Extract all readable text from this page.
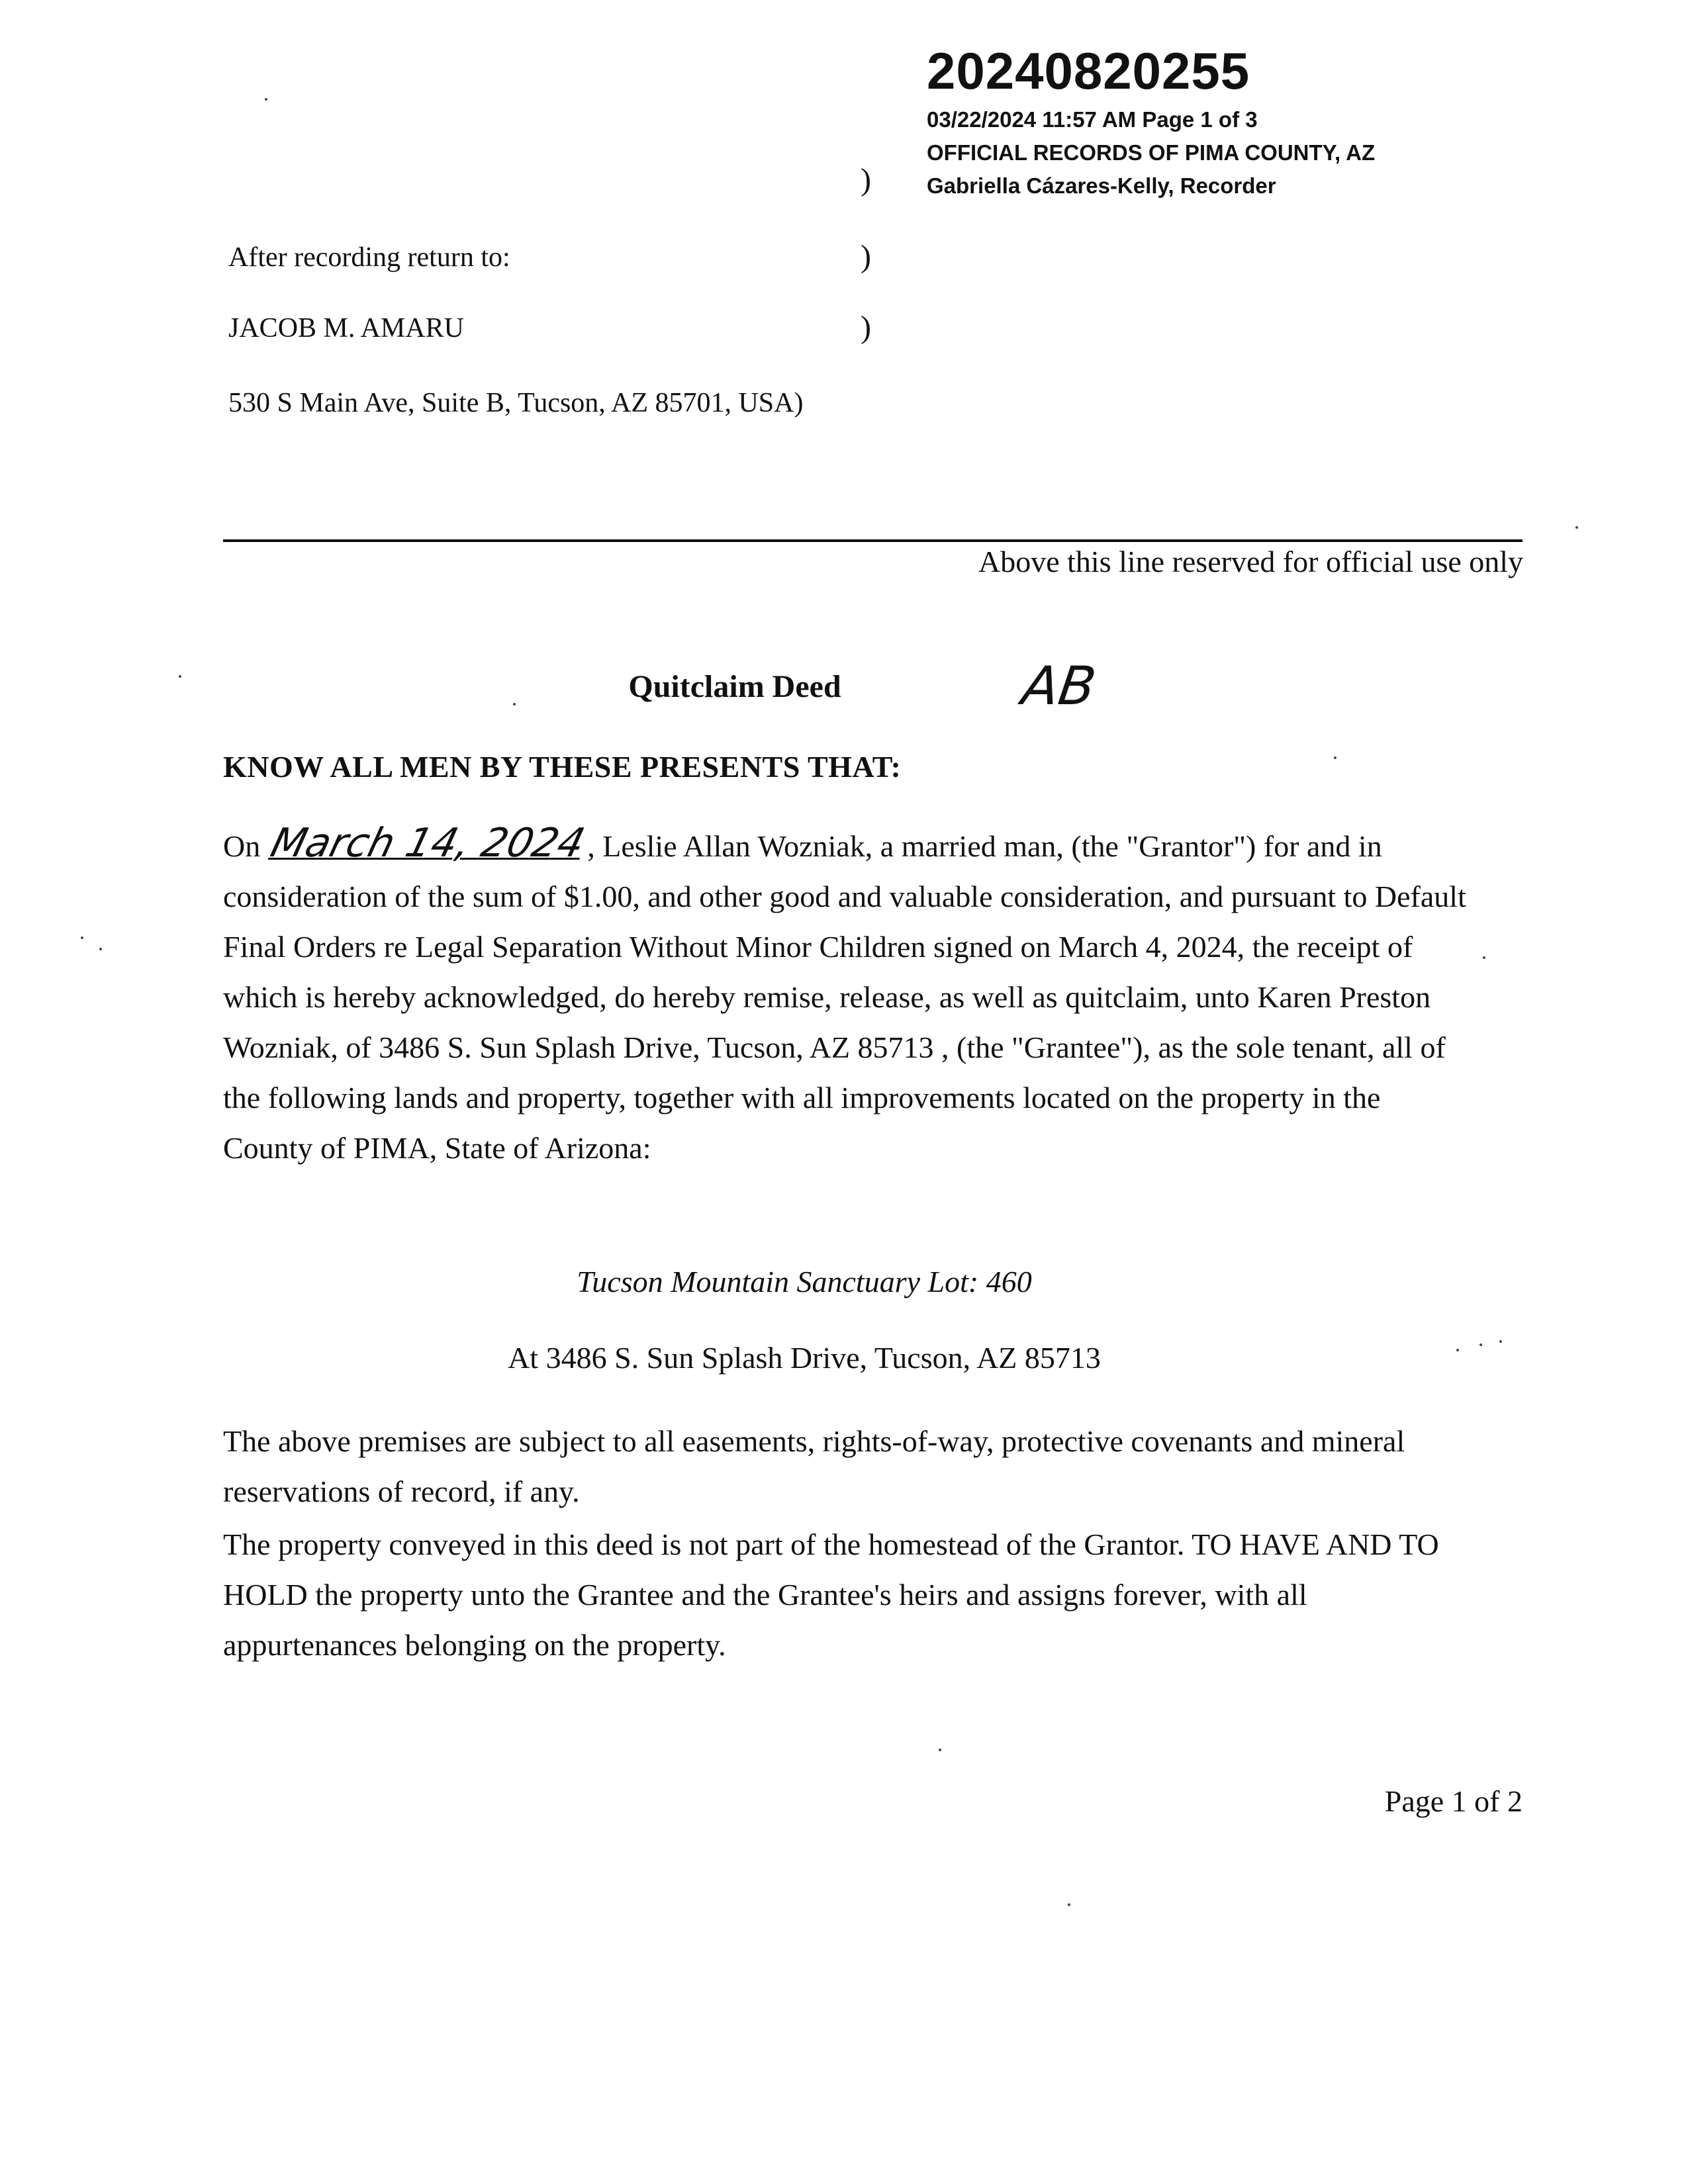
20240820255
03/22/2024 11:57 AM Page 1 of 3
OFFICIAL RECORDS OF PIMA COUNTY, AZ
Gabriella Cázares-Kelly, Recorder
)
After recording return to:	)
JACOB M. AMARU	)
530 S Main Ave, Suite B, Tucson, AZ 85701, USA)
Above this line reserved for official use only
Quitclaim Deed	AB
KNOW ALL MEN BY THESE PRESENTS THAT:
On March 14, 2024, Leslie Allan Wozniak, a married man, (the "Grantor") for and in consideration of the sum of $1.00, and other good and valuable consideration, and pursuant to Default Final Orders re Legal Separation Without Minor Children signed on March 4, 2024, the receipt of which is hereby acknowledged, do hereby remise, release, as well as quitclaim, unto Karen Preston Wozniak, of 3486 S. Sun Splash Drive, Tucson, AZ 85713 , (the "Grantee"), as the sole tenant, all of the following lands and property, together with all improvements located on the property in the County of PIMA, State of Arizona:
Tucson Mountain Sanctuary Lot: 460
At 3486 S. Sun Splash Drive, Tucson, AZ 85713
The above premises are subject to all easements, rights-of-way, protective covenants and mineral reservations of record, if any.
The property conveyed in this deed is not part of the homestead of the Grantor. TO HAVE AND TO HOLD the property unto the Grantee and the Grantee's heirs and assigns forever, with all appurtenances belonging on the property.
Page 1 of 2
